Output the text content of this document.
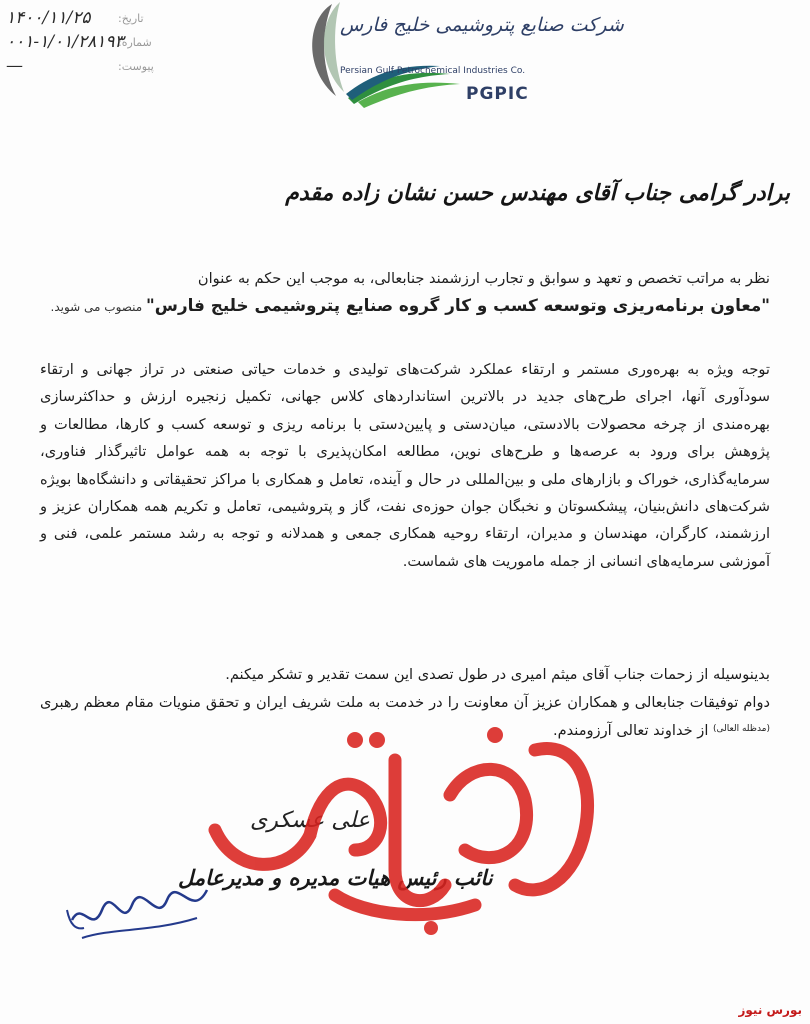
۱۴۰۰/۱۱/۲۵	تاریخ:
۰۰۱-۱/۰۱/۲۸۱۹۳
شماره:
—	پیوست:
شرکت صنایع پتروشیمی خلیج فارس
Persian Gulf Petrochemical Industries Co.
PGPIC
برادر گرامی جناب آقای مهندس حسن نشان زاده مقدم
نظر به مراتب تخصص و تعهد و سوابق و تجارب ارزشمند جنابعالی، به موجب این حکم به عنوان
"معاون برنامه‌ریزی وتوسعه کسب و کار گروه صنایع پتروشیمی خلیج فارس" منصوب می شوید.
توجه ویژه به بهره‌وری مستمر و ارتقاء عملکرد شرکت‌های تولیدی و خدمات حیاتی صنعتی در تراز جهانی و ارتقاء سودآوری آنها، اجرای طرح‌های جدید در بالاترین استانداردهای کلاس جهانی، تکمیل زنجیره ارزش و حداکثرسازی بهره‌مندی از چرخه محصولات بالادستی، میان‌دستی و پایین‌دستی با برنامه ریزی و توسعه کسب و کارها، مطالعات و پژوهش برای ورود به عرصه‌ها و طرح‌های نوین، مطالعه امکان‌پذیری با توجه به همه عوامل تاثیرگذار فناوری، سرمایه‌گذاری، خوراک و بازارهای ملی و بین‌المللی در حال و آینده، تعامل و همکاری با مراکز تحقیقاتی و دانشگاه‌ها بویژه شرکت‌های دانش‌بنیان، پیشکسوتان و نخبگان جوان حوزه‌ی نفت، گاز و پتروشیمی، تعامل و تکریم همه همکاران عزیز و ارزشمند، کارگران، مهندسان و مدیران، ارتقاء روحیه همکاری جمعی و همدلانه و توجه به رشد مستمر علمی، فنی و آموزشی سرمایه‌های انسانی از جمله ماموریت های شماست.
بدینوسیله از زحمات جناب آقای میثم امیری در طول تصدی این سمت تقدیر و تشکر میکنم.
دوام توفیقات جنابعالی و همکاران عزیز آن معاونت را در خدمت به ملت شریف ایران و تحقق منویات مقام معظم رهبری $^{(مدظله العالی)}$ از خداوند تعالی آرزومندم.
علی عسکری
نائب رئیس هیات مدیره و مدیرعامل
بورس نیوز
